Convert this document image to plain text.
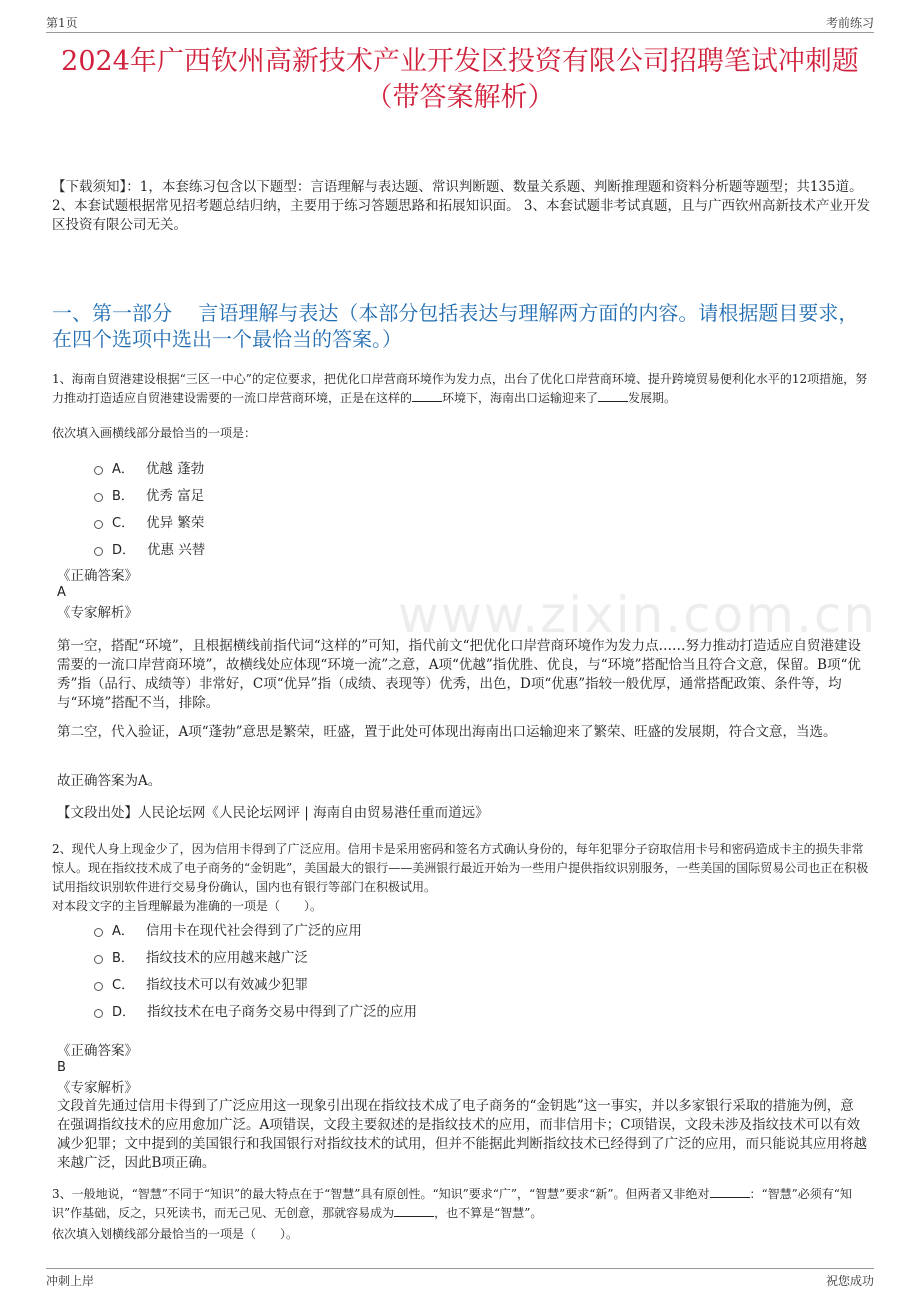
第1页	考前练习
www.zixin.com.cn
2024年广西钦州高新技术产业开发区投资有限公司招聘笔试冲刺题（带答案解析）
【下载须知】：1，本套练习包含以下题型：言语理解与表达题、常识判断题、数量关系题、判断推理题和资料分析题等题型；共135道。 2、本套试题根据常见招考题总结归纳，主要用于练习答题思路和拓展知识面。 3、本套试题非考试真题，且与广西钦州高新技术产业开发区投资有限公司无关。
一、第一部分　 言语理解与表达（本部分包括表达与理解两方面的内容。请根据题目要求，在四个选项中选出一个最恰当的答案。）
1、海南自贸港建设根据“三区一中心”的定位要求，把优化口岸营商环境作为发力点，出台了优化口岸营商环境、提升跨境贸易便利化水平的12项措施，努力推动打造适应自贸港建设需要的一流口岸营商环境，正是在这样的	环境下，海南出口运输迎来了	发展期。
依次填入画横线部分最恰当的一项是：
A． 优越 蓬勃
B． 优秀 富足
C． 优异 繁荣
D． 优惠 兴替
《正确答案》
A
《专家解析》
第一空，搭配“环境”，且根据横线前指代词“这样的”可知，指代前文“把优化口岸营商环境作为发力点……努力推动打造适应自贸港建设需要的一流口岸营商环境”，故横线处应体现“环境一流”之意，A项“优越”指优胜、优良，与“环境”搭配恰当且符合文意，保留。B项“优秀”指（品行、成绩等）非常好，C项“优异”指（成绩、表现等）优秀，出色，D项“优惠”指较一般优厚，通常搭配政策、条件等，均与“环境”搭配不当，排除。
第二空，代入验证，A项“蓬勃”意思是繁荣，旺盛，置于此处可体现出海南出口运输迎来了繁荣、旺盛的发展期，符合文意，当选。
故正确答案为A。
【文段出处】人民论坛网《人民论坛网评 | 海南自由贸易港任重而道远》
2、现代人身上现金少了，因为信用卡得到了广泛应用。信用卡是采用密码和签名方式确认身份的，每年犯罪分子窃取信用卡号和密码造成卡主的损失非常惊人。现在指纹技术成了电子商务的“金钥匙”，美国最大的银行——美洲银行最近开始为一些用户提供指纹识别服务，一些美国的国际贸易公司也正在积极试用指纹识别软件进行交易身份确认，国内也有银行等部门在积极试用。
对本段文字的主旨理解最为准确的一项是（　　）。
A． 信用卡在现代社会得到了广泛的应用
B． 指纹技术的应用越来越广泛
C． 指纹技术可以有效减少犯罪
D． 指纹技术在电子商务交易中得到了广泛的应用
《正确答案》
B
《专家解析》
文段首先通过信用卡得到了广泛应用这一现象引出现在指纹技术成了电子商务的“金钥匙”这一事实，并以多家银行采取的措施为例，意在强调指纹技术的应用愈加广泛。A项错误，文段主要叙述的是指纹技术的应用，而非信用卡；C项错误，文段未涉及指纹技术可以有效减少犯罪；文中提到的美国银行和我国银行对指纹技术的试用，但并不能据此判断指纹技术已经得到了广泛的应用，而只能说其应用将越来越广泛，因此B项正确。
3、一般地说，“智慧”不同于“知识”的最大特点在于“智慧”具有原创性。“知识”要求“广”，“智慧”要求“新”。但两者又非绝对	：“智慧”必须有“知识”作基础，反之，只死读书，而无己见、无创意，那就容易成为	，也不算是“智慧”。
依次填入划横线部分最恰当的一项是（　　）。
冲刺上岸	祝您成功
